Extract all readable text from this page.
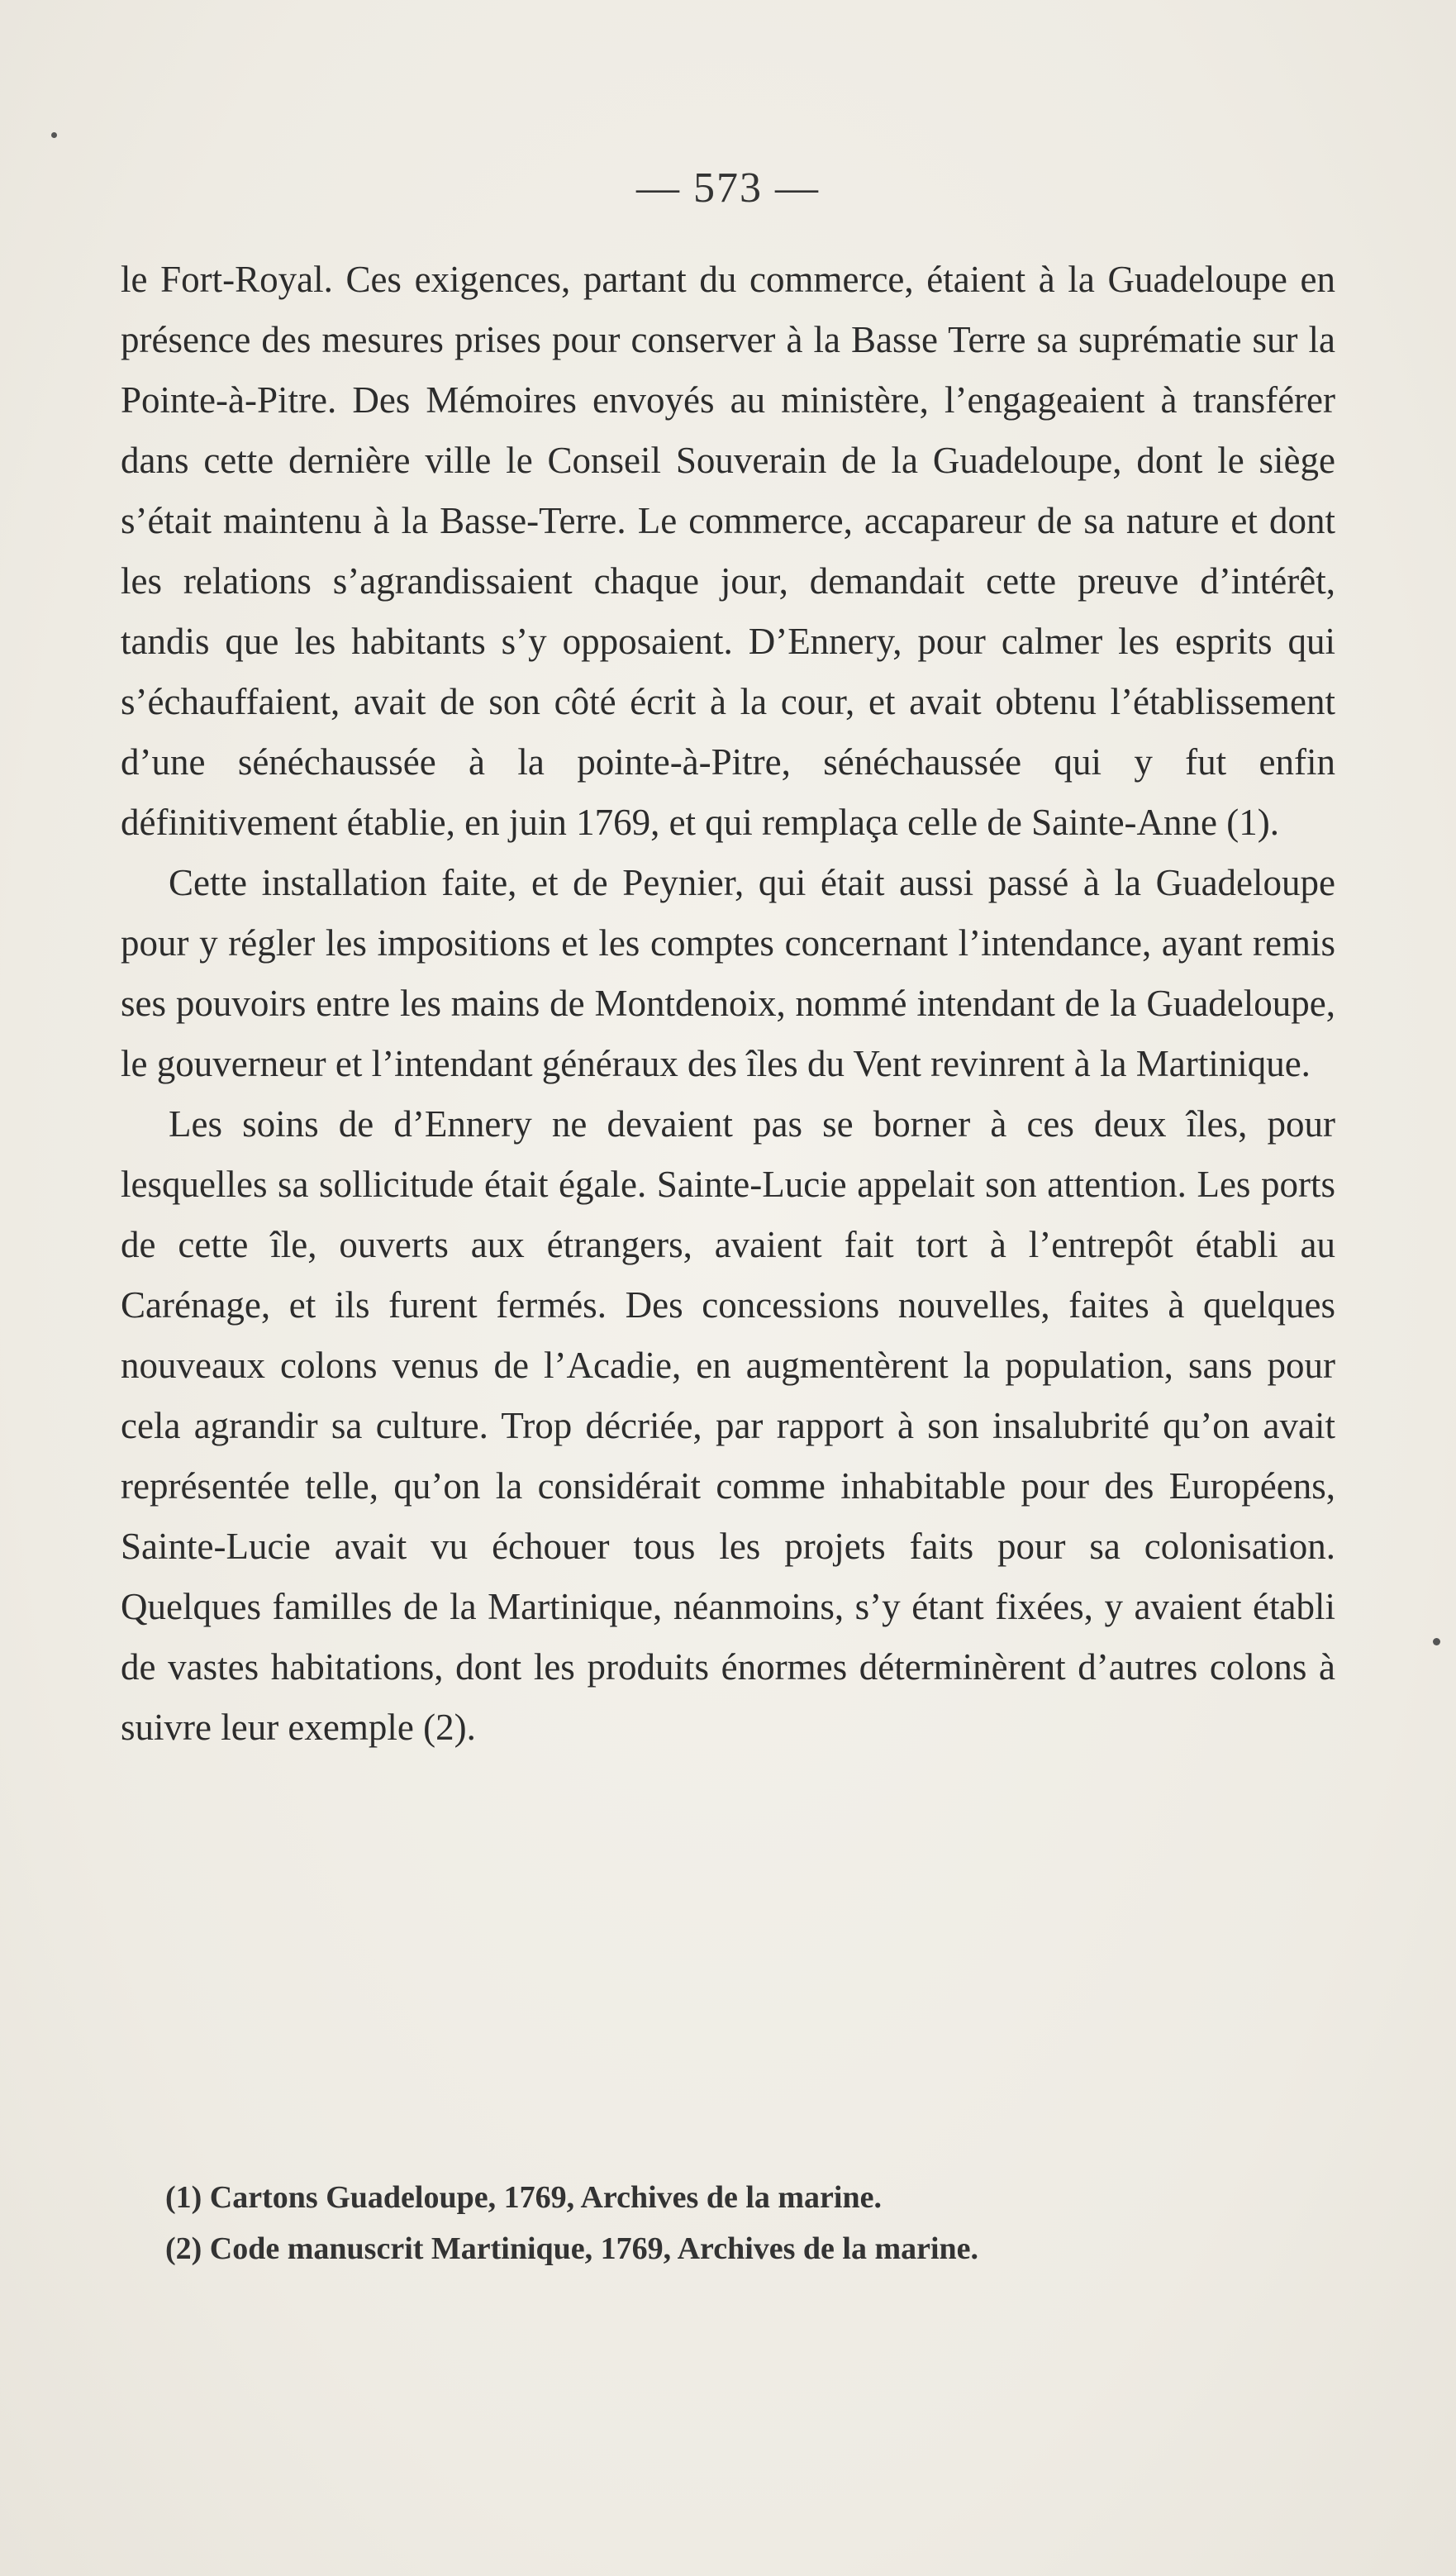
— 573 —

le Fort-Royal. Ces exigences, partant du commerce, étaient à la Guadeloupe en présence des mesures prises pour conserver à la Basse Terre sa suprématie sur la Pointe-à-Pitre. Des Mémoires envoyés au ministère, l’engageaient à transférer dans cette dernière ville le Conseil Souverain de la Guadeloupe, dont le siège s’était maintenu à la Basse-Terre. Le commerce, accapareur de sa nature et dont les relations s’agrandissaient chaque jour, demandait cette preuve d’intérêt, tandis que les habitants s’y opposaient. D’Ennery, pour calmer les esprits qui s’échauffaient, avait de son côté écrit à la cour, et avait obtenu l’établissement d’une sénéchaussée à la pointe-à-Pitre, sénéchaussée qui y fut enfin définitivement établie, en juin 1769, et qui remplaça celle de Sainte-Anne (1).

Cette installation faite, et de Peynier, qui était aussi passé à la Guadeloupe pour y régler les impositions et les comptes concernant l’intendance, ayant remis ses pouvoirs entre les mains de Montdenoix, nommé intendant de la Guadeloupe, le gouverneur et l’intendant généraux des îles du Vent revinrent à la Martinique.

Les soins de d’Ennery ne devaient pas se borner à ces deux îles, pour lesquelles sa sollicitude était égale. Sainte-Lucie appelait son attention. Les ports de cette île, ouverts aux étrangers, avaient fait tort à l’entrepôt établi au Carénage, et ils furent fermés. Des concessions nouvelles, faites à quelques nouveaux colons venus de l’Acadie, en augmentèrent la population, sans pour cela agrandir sa culture. Trop décriée, par rapport à son insalubrité qu’on avait représentée telle, qu’on la considérait comme inhabitable pour des Européens, Sainte-Lucie avait vu échouer tous les projets faits pour sa colonisation. Quelques familles de la Martinique, néanmoins, s’y étant fixées, y avaient établi de vastes habitations, dont les produits énormes déterminèrent d’autres colons à suivre leur exemple (2).

(1) Cartons Guadeloupe, 1769, Archives de la marine.

(2) Code manuscrit Martinique, 1769, Archives de la marine.
